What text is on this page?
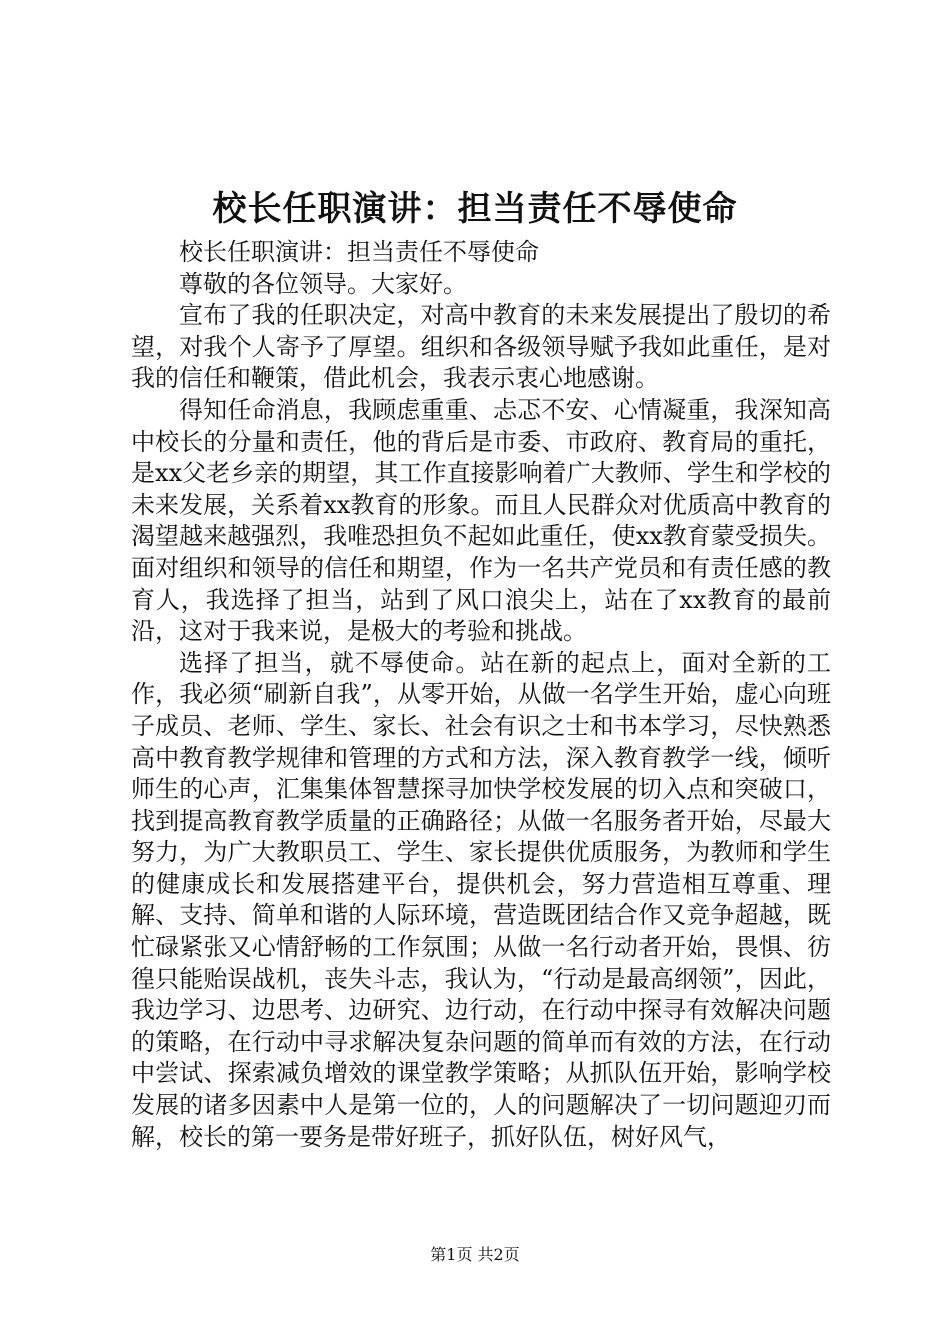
校长任职演讲：担当责任不辱使命

校长任职演讲：担当责任不辱使命

尊敬的各位领导。大家好。

宣布了我的任职决定，对高中教育的未来发展提出了殷切的希望，对我个人寄予了厚望。组织和各级领导赋予我如此重任，是对我的信任和鞭策，借此机会，我表示衷心地感谢。

得知任命消息，我顾虑重重、忐忑不安、心情凝重，我深知高中校长的分量和责任，他的背后是市委、市政府、教育局的重托，是xx父老乡亲的期望，其工作直接影响着广大教师、学生和学校的未来发展，关系着xx教育的形象。而且人民群众对优质高中教育的渴望越来越强烈，我唯恐担负不起如此重任，使xx教育蒙受损失。面对组织和领导的信任和期望，作为一名共产党员和有责任感的教育人，我选择了担当，站到了风口浪尖上，站在了xx教育的最前沿，这对于我来说，是极大的考验和挑战。

选择了担当，就不辱使命。站在新的起点上，面对全新的工作，我必须“刷新自我”，从零开始，从做一名学生开始，虚心向班子成员、老师、学生、家长、社会有识之士和书本学习，尽快熟悉高中教育教学规律和管理的方式和方法，深入教育教学一线，倾听师生的心声，汇集集体智慧探寻加快学校发展的切入点和突破口，找到提高教育教学质量的正确路径；从做一名服务者开始，尽最大努力，为广大教职员工、学生、家长提供优质服务，为教师和学生的健康成长和发展搭建平台，提供机会，努力营造相互尊重、理解、支持、简单和谐的人际环境，营造既团结合作又竞争超越，既忙碌紧张又心情舒畅的工作氛围；从做一名行动者开始，畏惧、彷徨只能贻误战机，丧失斗志，我认为，“行动是最高纲领”，因此，我边学习、边思考、边研究、边行动，在行动中探寻有效解决问题的策略，在行动中寻求解决复杂问题的简单而有效的方法，在行动中尝试、探索减负增效的课堂教学策略；从抓队伍开始，影响学校发展的诸多因素中人是第一位的，人的问题解决了一切问题迎刃而解，校长的第一要务是带好班子，抓好队伍，树好风气，

第1页 共2页
